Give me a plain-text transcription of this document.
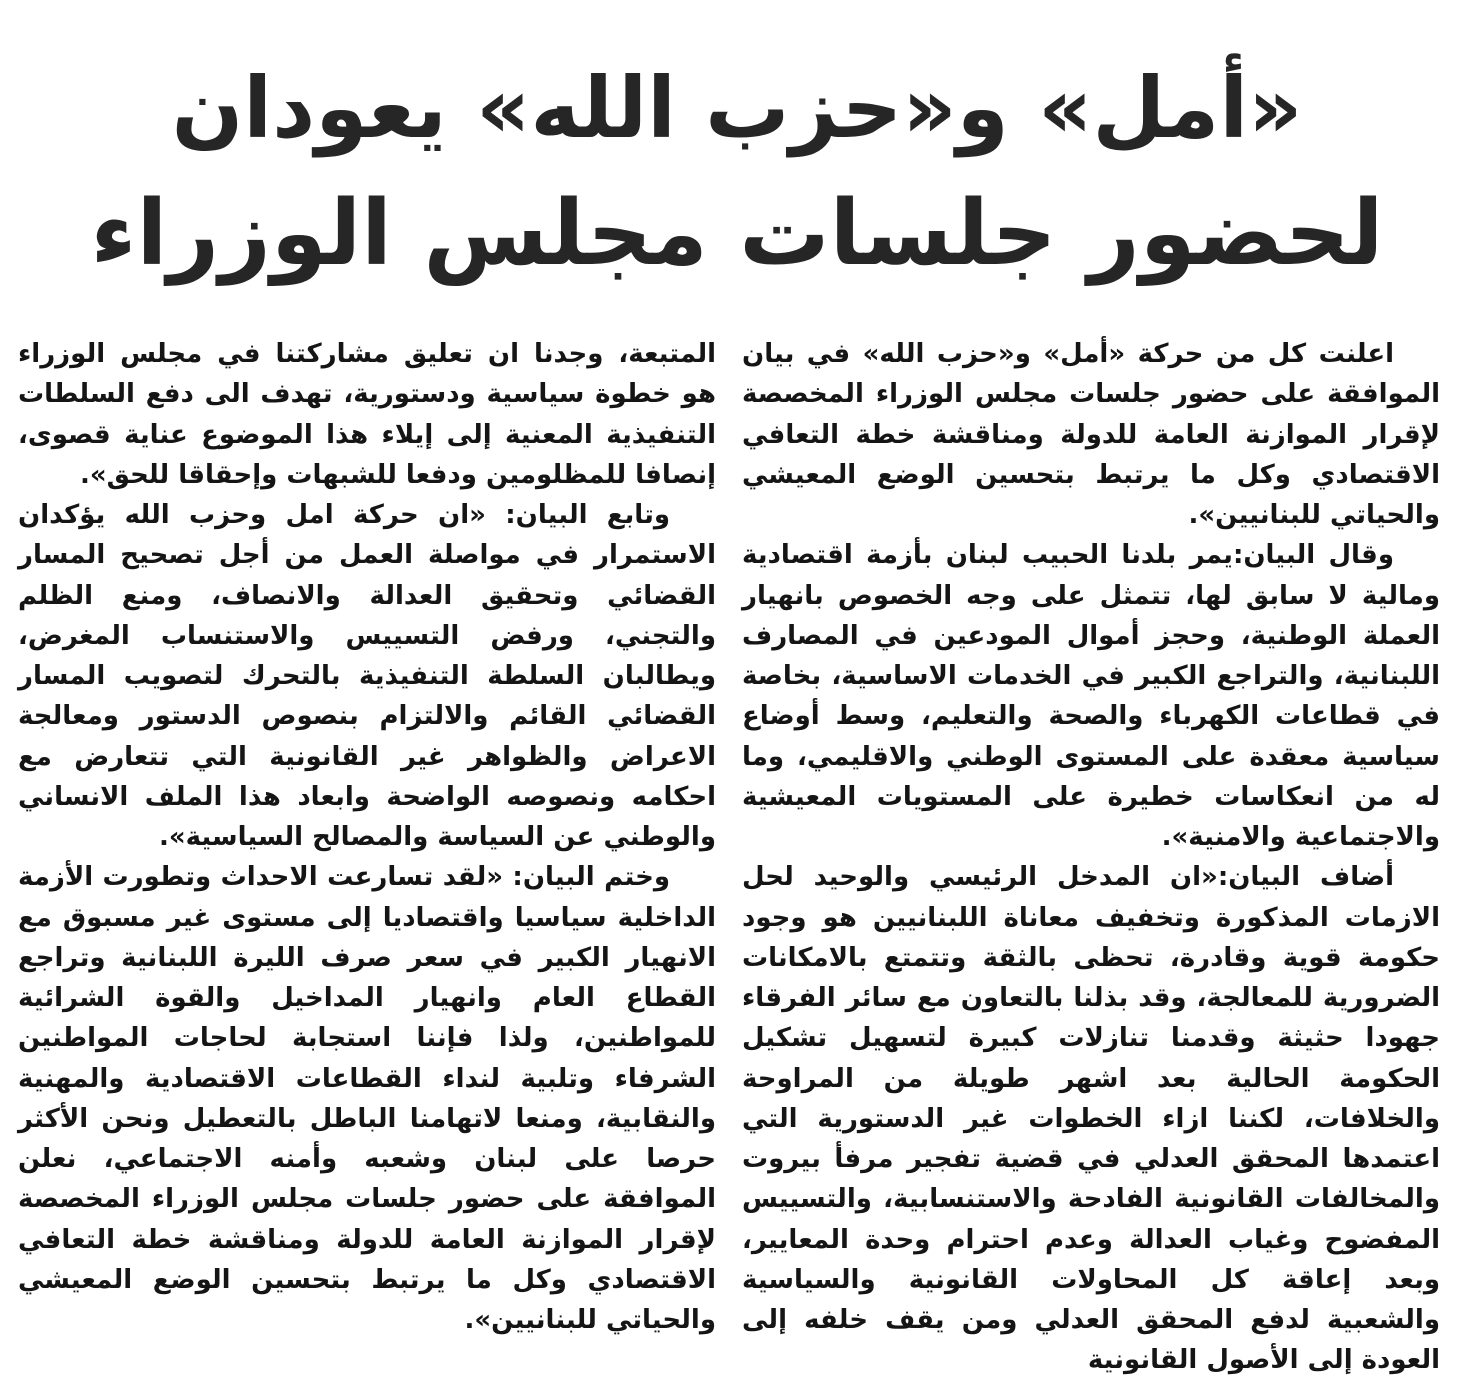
«أمل» و«حزب الله» يعودان
لحضور جلسات مجلس الوزراء

اعلنت كل من حركة «أمل» و«حزب الله» في بيان الموافقة على حضور جلسات مجلس الوزراء المخصصة لإقرار الموازنة العامة للدولة ومناقشة خطة التعافي الاقتصادي وكل ما يرتبط بتحسين الوضع المعيشي والحياتي للبنانيين».

وقال البيان:يمر بلدنا الحبيب لبنان بأزمة اقتصادية ومالية لا سابق لها، تتمثل على وجه الخصوص بانهيار العملة الوطنية، وحجز أموال المودعين في المصارف اللبنانية، والتراجع الكبير في الخدمات الاساسية، بخاصة في قطاعات الكهرباء والصحة والتعليم، وسط أوضاع سياسية معقدة على المستوى الوطني والاقليمي، وما له من انعكاسات خطيرة على المستويات المعيشية والاجتماعية والامنية».

أضاف البيان:«ان المدخل الرئيسي والوحيد لحل الازمات المذكورة وتخفيف معاناة اللبنانيين هو وجود حكومة قوية وقادرة، تحظى بالثقة وتتمتع بالامكانات الضرورية للمعالجة، وقد بذلنا بالتعاون مع سائر الفرقاء جهودا حثيثة وقدمنا تنازلات كبيرة لتسهيل تشكيل الحكومة الحالية بعد اشهر طويلة من المراوحة والخلافات، لكننا ازاء الخطوات غير الدستورية التي اعتمدها المحقق العدلي في قضية تفجير مرفأ بيروت والمخالفات القانونية الفادحة والاستنسابية، والتسييس المفضوح وغياب العدالة وعدم احترام وحدة المعايير، وبعد إعاقة كل المحاولات القانونية والسياسية والشعبية لدفع المحقق العدلي ومن يقف خلفه إلى العودة إلى الأصول القانونية

المتبعة، وجدنا ان تعليق مشاركتنا في مجلس الوزراء هو خطوة سياسية ودستورية، تهدف الى دفع السلطات التنفيذية المعنية إلى إيلاء هذا الموضوع عناية قصوى، إنصافا للمظلومين ودفعا للشبهات وإحقاقا للحق».

وتابع البيان: «ان حركة امل وحزب الله يؤكدان الاستمرار في مواصلة العمل من أجل تصحيح المسار القضائي وتحقيق العدالة والانصاف، ومنع الظلم والتجني، ورفض التسييس والاستنساب المغرض، ويطالبان السلطة التنفيذية بالتحرك لتصويب المسار القضائي القائم والالتزام بنصوص الدستور ومعالجة الاعراض والظواهر غير القانونية التي تتعارض مع احكامه ونصوصه الواضحة وابعاد هذا الملف الانساني والوطني عن السياسة والمصالح السياسية».

وختم البيان: «لقد تسارعت الاحداث وتطورت الأزمة الداخلية سياسيا واقتصاديا إلى مستوى غير مسبوق مع الانهيار الكبير في سعر صرف الليرة اللبنانية وتراجع القطاع العام وانهيار المداخيل والقوة الشرائية للمواطنين، ولذا فإننا استجابة لحاجات المواطنين الشرفاء وتلبية لنداء القطاعات الاقتصادية والمهنية والنقابية، ومنعا لاتهامنا الباطل بالتعطيل ونحن الأكثر حرصا على لبنان وشعبه وأمنه الاجتماعي، نعلن الموافقة على حضور جلسات مجلس الوزراء المخصصة لإقرار الموازنة العامة للدولة ومناقشة خطة التعافي الاقتصادي وكل ما يرتبط بتحسين الوضع المعيشي والحياتي للبنانيين».
